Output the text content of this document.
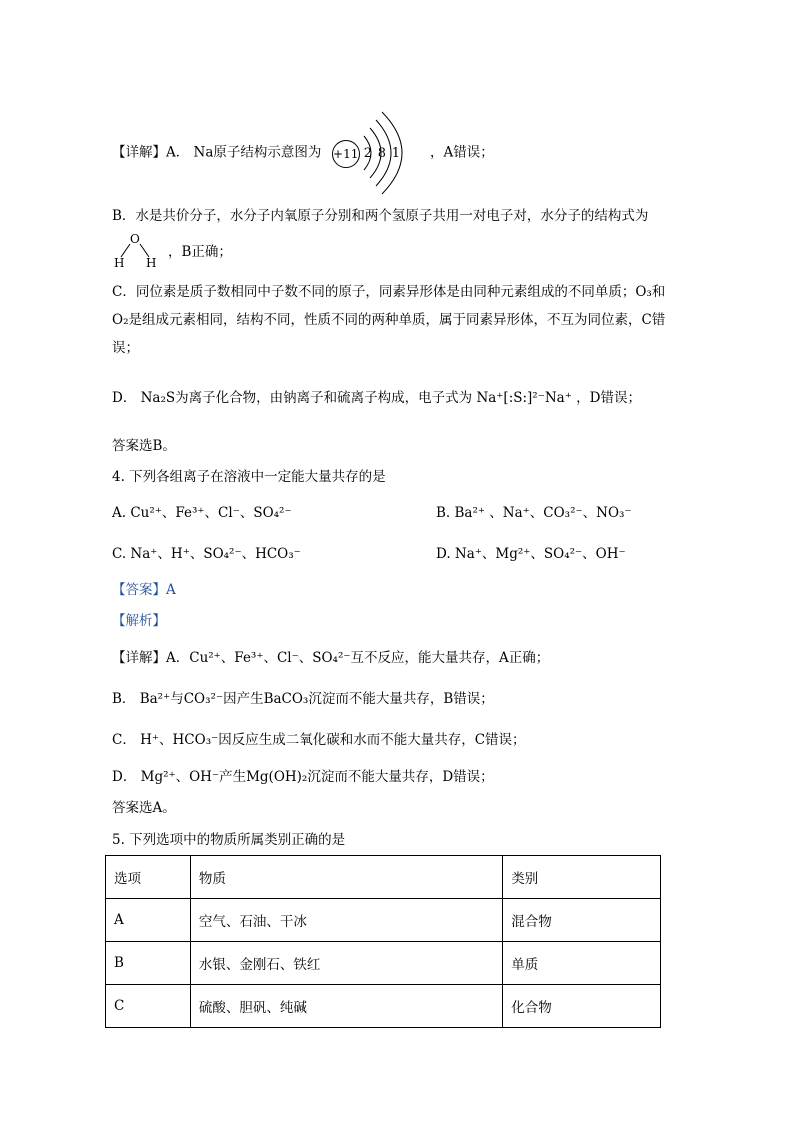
【详解】A． Na原子结构示意图为 +11 2 8 1 ，A错误；
B．水是共价分子，水分子内氧原子分别和两个氢原子共用一对电子对，水分子的结构式为
O
H H
，B正确；
C．同位素是质子数相同中子数不同的原子，同素异形体是由同种元素组成的不同单质；O₃和O₂是组成元素相同，结构不同，性质不同的两种单质，属于同素异形体，不互为同位素，C错误；
D． Na₂S为离子化合物，由钠离子和硫离子构成，电子式为 Na⁺[:S:]²⁻Na⁺ ，D错误；
答案选B。
4. 下列各组离子在溶液中一定能大量共存的是
A. Cu²⁺、Fe³⁺、Cl⁻、SO₄²⁻	B. Ba²⁺ 、Na⁺、CO₃²⁻、NO₃⁻
C. Na⁺、H⁺、SO₄²⁻、HCO₃⁻	D. Na⁺、Mg²⁺、SO₄²⁻、OH⁻
【答案】A
【解析】
【详解】A．Cu²⁺、Fe³⁺、Cl⁻、SO₄²⁻互不反应，能大量共存，A正确；
B． Ba²⁺与CO₃²⁻因产生BaCO₃沉淀而不能大量共存，B错误；
C． H⁺、HCO₃⁻因反应生成二氧化碳和水而不能大量共存，C错误；
D． Mg²⁺、OH⁻产生Mg(OH)₂沉淀而不能大量共存，D错误；
答案选A。
5. 下列选项中的物质所属类别正确的是
选项	物质	类别
A	空气、石油、干冰	混合物
B	水银、金刚石、铁红	单质
C	硫酸、胆矾、纯碱	化合物
